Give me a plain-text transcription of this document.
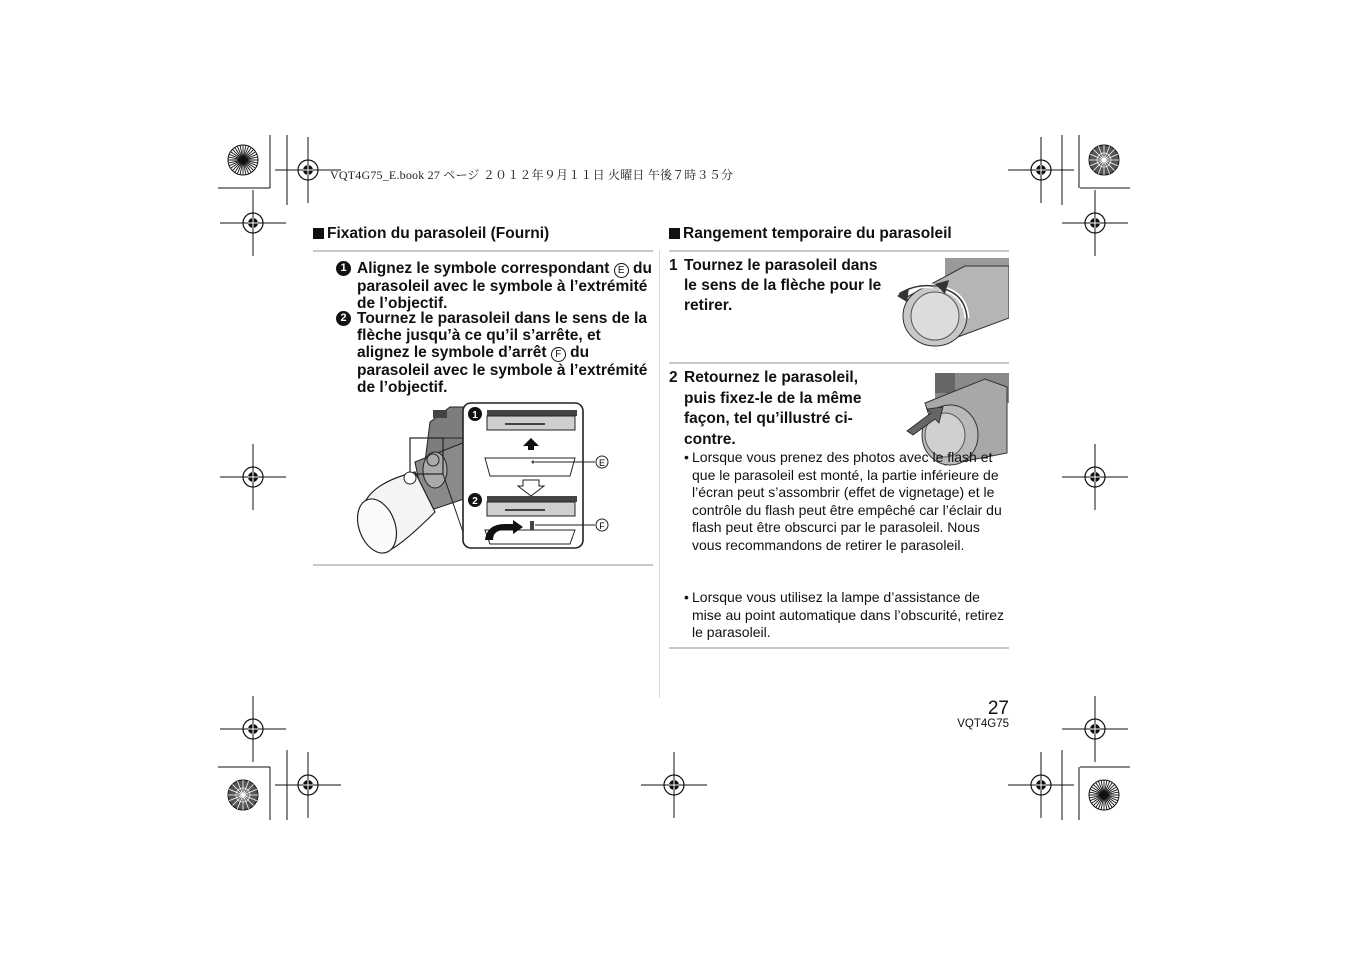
VQT4G75_E.book 27 ページ ２０１２年９月１１日 火曜日 午後７時３５分
Fixation du parasoleil (Fourni)
1 Alignez le symbole correspondant E du parasoleil avec le symbole à l’extrémité de l’objectif.
2 Tournez le parasoleil dans le sens de la flèche jusqu’à ce qu’il s’arrête, et alignez le symbole d’arrêt F du parasoleil avec le symbole à l’extrémité de l’objectif.
1
E
2
F
Rangement temporaire du parasoleil
1 Tournez le parasoleil dans le sens de la flèche pour le retirer.
2 Retournez le parasoleil, puis fixez-le de la même façon, tel qu’illustré ci-contre.
• Lorsque vous prenez des photos avec le flash et que le parasoleil est monté, la partie inférieure de l’écran peut s’assombrir (effet de vignetage) et le contrôle du flash peut être empêché car l’éclair du flash peut être obscurci par le parasoleil. Nous vous recommandons de retirer le parasoleil.
• Lorsque vous utilisez la lampe d’assistance de mise au point automatique dans l’obscurité, retirez le parasoleil.
27
VQT4G75
